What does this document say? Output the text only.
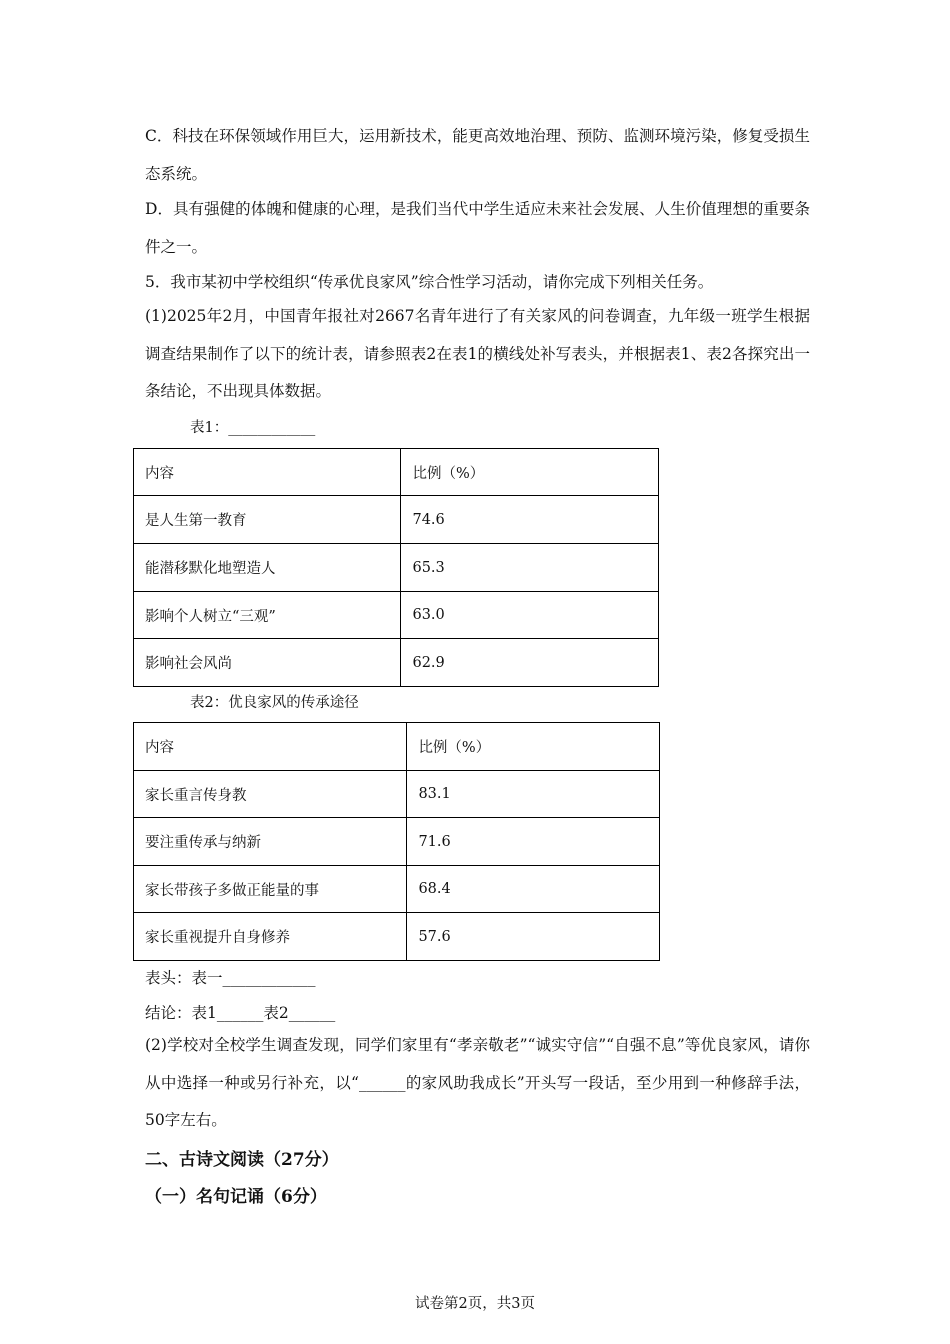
C．科技在环保领域作用巨大，运用新技术，能更高效地治理、预防、监测环境污染，修复受损生态系统。

D．具有强健的体魄和健康的心理，是我们当代中学生适应未来社会发展、人生价值理想的重要条件之一。

5．我市某初中学校组织“传承优良家风”综合性学习活动，请你完成下列相关任务。

(1)2025年2月，中国青年报社对2667名青年进行了有关家风的问卷调查，九年级一班学生根据调查结果制作了以下的统计表，请参照表2在表1的横线处补写表头，并根据表1、表2各探究出一条结论，不出现具体数据。

表1：____________
内容	比例（%）
是人生第一教育	74.6
能潜移默化地塑造人	65.3
影响个人树立“三观”	63.0
影响社会风尚	62.9
表2：优良家风的传承途径
内容	比例（%）
家长重言传身教	83.1
要注重传承与纳新	71.6
家长带孩子多做正能量的事	68.4
家长重视提升自身修养	57.6
表头：表一____________
结论：表1______表2______

(2)学校对全校学生调查发现，同学们家里有“孝亲敬老”“诚实守信”“自强不息”等优良家风，请你从中选择一种或另行补充，以“______的家风助我成长”开头写一段话，至少用到一种修辞手法，50字左右。

二、古诗文阅读（27分）
（一）名句记诵（6分）
试卷第2页，共3页
